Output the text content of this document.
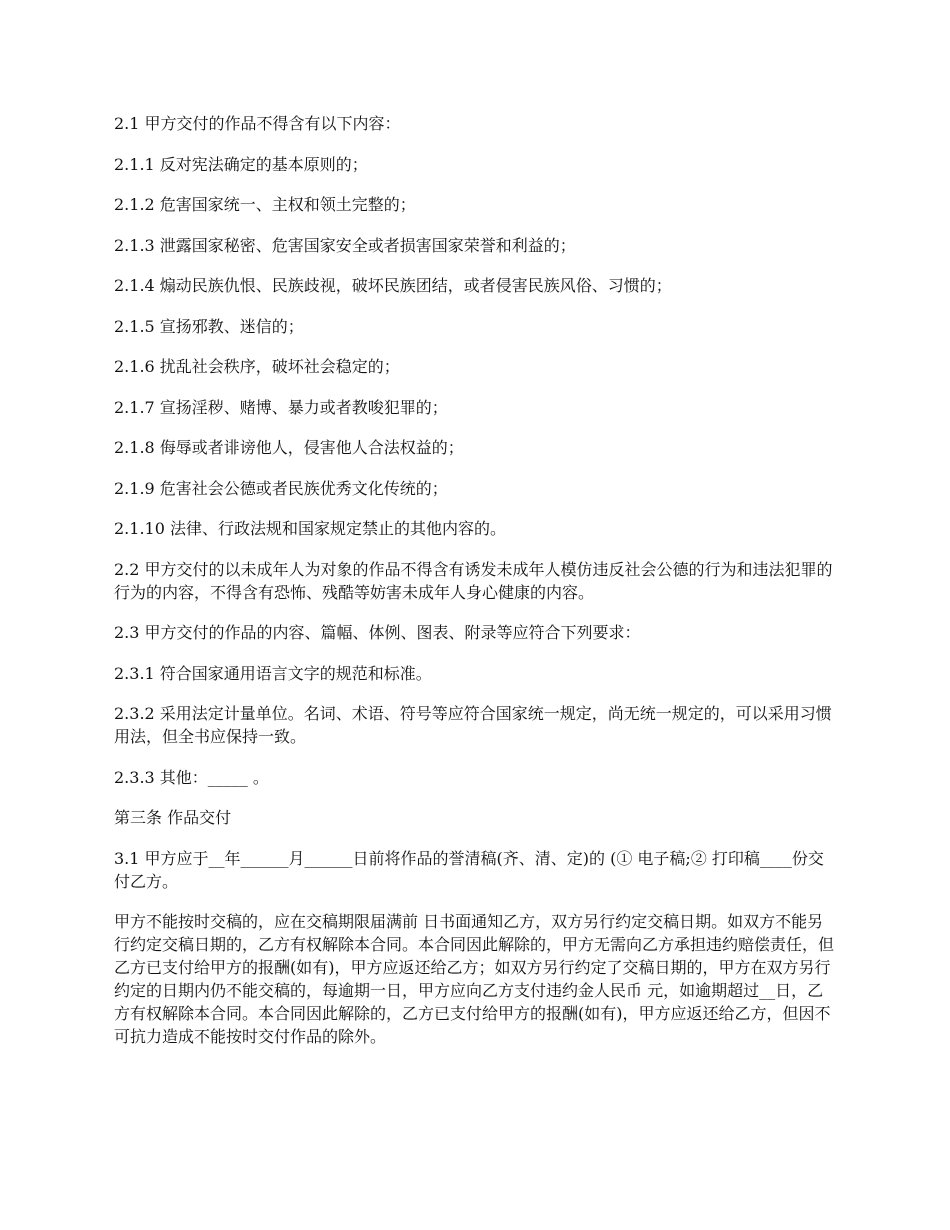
2.1 甲方交付的作品不得含有以下内容：

2.1.1 反对宪法确定的基本原则的；

2.1.2 危害国家统一、主权和领土完整的；

2.1.3 泄露国家秘密、危害国家安全或者损害国家荣誉和利益的；

2.1.4 煽动民族仇恨、民族歧视，破坏民族团结，或者侵害民族风俗、习惯的；

2.1.5 宣扬邪教、迷信的；

2.1.6 扰乱社会秩序，破坏社会稳定的；

2.1.7 宣扬淫秽、赌博、暴力或者教唆犯罪的；

2.1.8 侮辱或者诽谤他人，侵害他人合法权益的；

2.1.9 危害社会公德或者民族优秀文化传统的；

2.1.10 法律、行政法规和国家规定禁止的其他内容的。

2.2 甲方交付的以未成年人为对象的作品不得含有诱发未成年人模仿违反社会公德的行为和违法犯罪的行为的内容，不得含有恐怖、残酷等妨害未成年人身心健康的内容。

2.3 甲方交付的作品的内容、篇幅、体例、图表、附录等应符合下列要求：

2.3.1 符合国家通用语言文字的规范和标准。

2.3.2 采用法定计量单位。名词、术语、符号等应符合国家统一规定，尚无统一规定的，可以采用习惯用法，但全书应保持一致。

2.3.3 其他：_____ 。

第三条 作品交付

3.1 甲方应于__年______月______日前将作品的誉清稿(齐、清、定)的 (① 电子稿;② 打印稿____份交付乙方。

甲方不能按时交稿的，应在交稿期限届满前 日书面通知乙方，双方另行约定交稿日期。如双方不能另行约定交稿日期的，乙方有权解除本合同。本合同因此解除的，甲方无需向乙方承担违约赔偿责任，但乙方已支付给甲方的报酬(如有)，甲方应返还给乙方；如双方另行约定了交稿日期的，甲方在双方另行约定的日期内仍不能交稿的，每逾期一日，甲方应向乙方支付违约金人民币 元，如逾期超过__日，乙方有权解除本合同。本合同因此解除的，乙方已支付给甲方的报酬(如有)，甲方应返还给乙方，但因不可抗力造成不能按时交付作品的除外。
